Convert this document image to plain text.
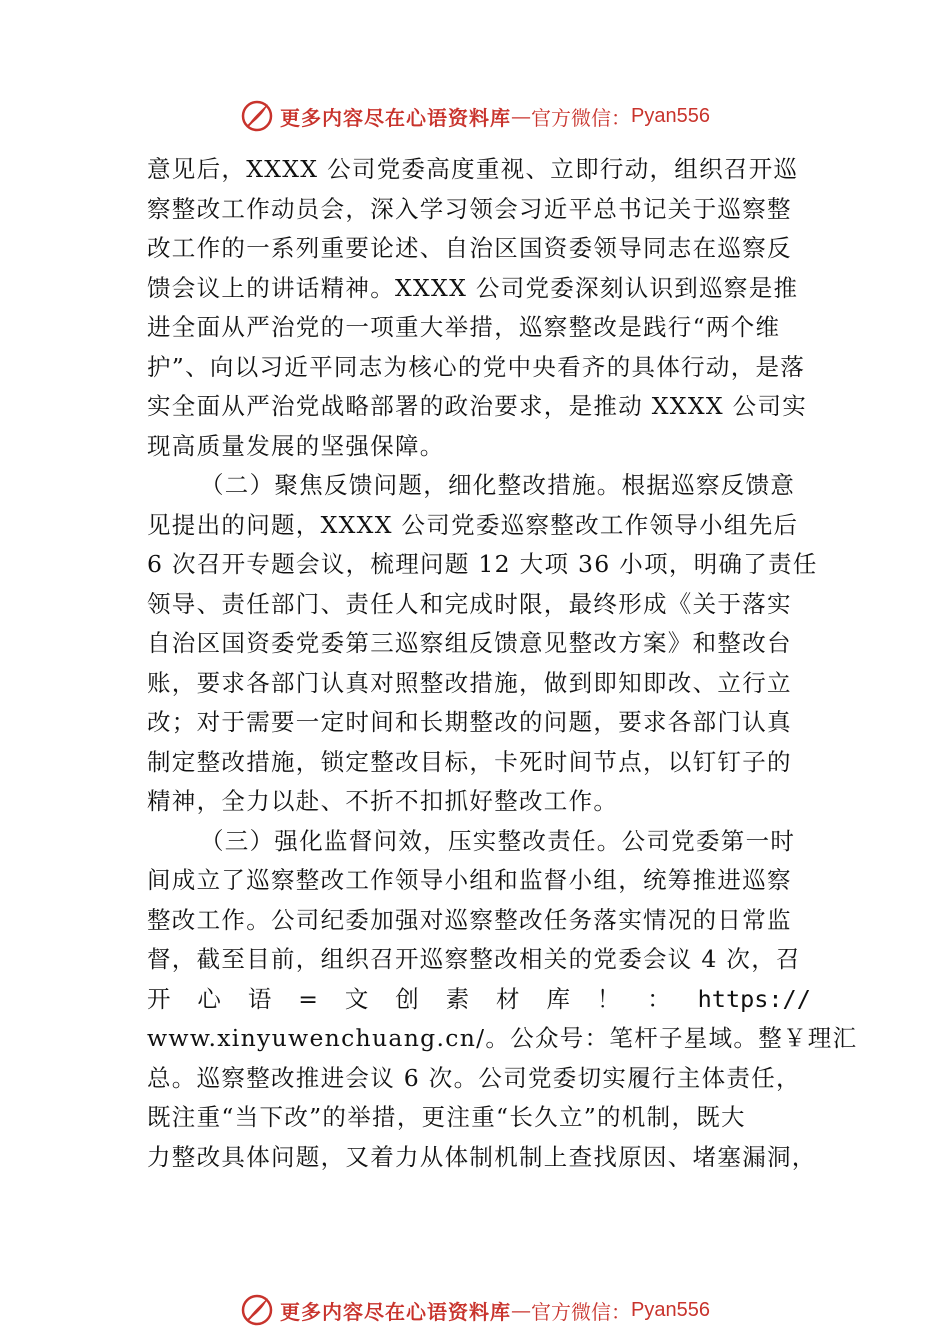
更多内容尽在心语资料库 — 官方微信： Pyan556
意见后，XXXX 公司党委高度重视、立即行动，组织召开巡
察整改工作动员会，深入学习领会习近平总书记关于巡察整
改工作的一系列重要论述、自治区国资委领导同志在巡察反
馈会议上的讲话精神。XXXX 公司党委深刻认识到巡察是推
进全面从严治党的一项重大举措，巡察整改是践行“两个维
护”、向以习近平同志为核心的党中央看齐的具体行动，是落
实全面从严治党战略部署的政治要求，是推动 XXXX 公司实
现高质量发展的坚强保障。
（二）聚焦反馈问题，细化整改措施。根据巡察反馈意
见提出的问题，XXXX 公司党委巡察整改工作领导小组先后
6 次召开专题会议，梳理问题 12 大项 36 小项，明确了责任
领导、责任部门、责任人和完成时限，最终形成《关于落实
自治区国资委党委第三巡察组反馈意见整改方案》和整改台
账，要求各部门认真对照整改措施，做到即知即改、立行立
改；对于需要一定时间和长期整改的问题，要求各部门认真
制定整改措施，锁定整改目标，卡死时间节点，以钉钉子的
精神，全力以赴、不折不扣抓好整改工作。
（三）强化监督问效，压实整改责任。公司党委第一时
间成立了巡察整改工作领导小组和监督小组，统筹推进巡察
整改工作。公司纪委加强对巡察整改任务落实情况的日常监
督，截至目前，组织召开巡察整改相关的党委会议 4 次，召
开 心 语 = 文 创 素 材 库 ！ ： https://
www.xinyuwenchuang.cn/。公众号：笔杆子星域。整￥理汇
总。巡察整改推进会议 6 次。公司党委切实履行主体责任，
既注重“当下改”的举措，更注重“长久立”的机制，既大
力整改具体问题，又着力从体制机制上查找原因、堵塞漏洞，
更多内容尽在心语资料库 — 官方微信： Pyan556
